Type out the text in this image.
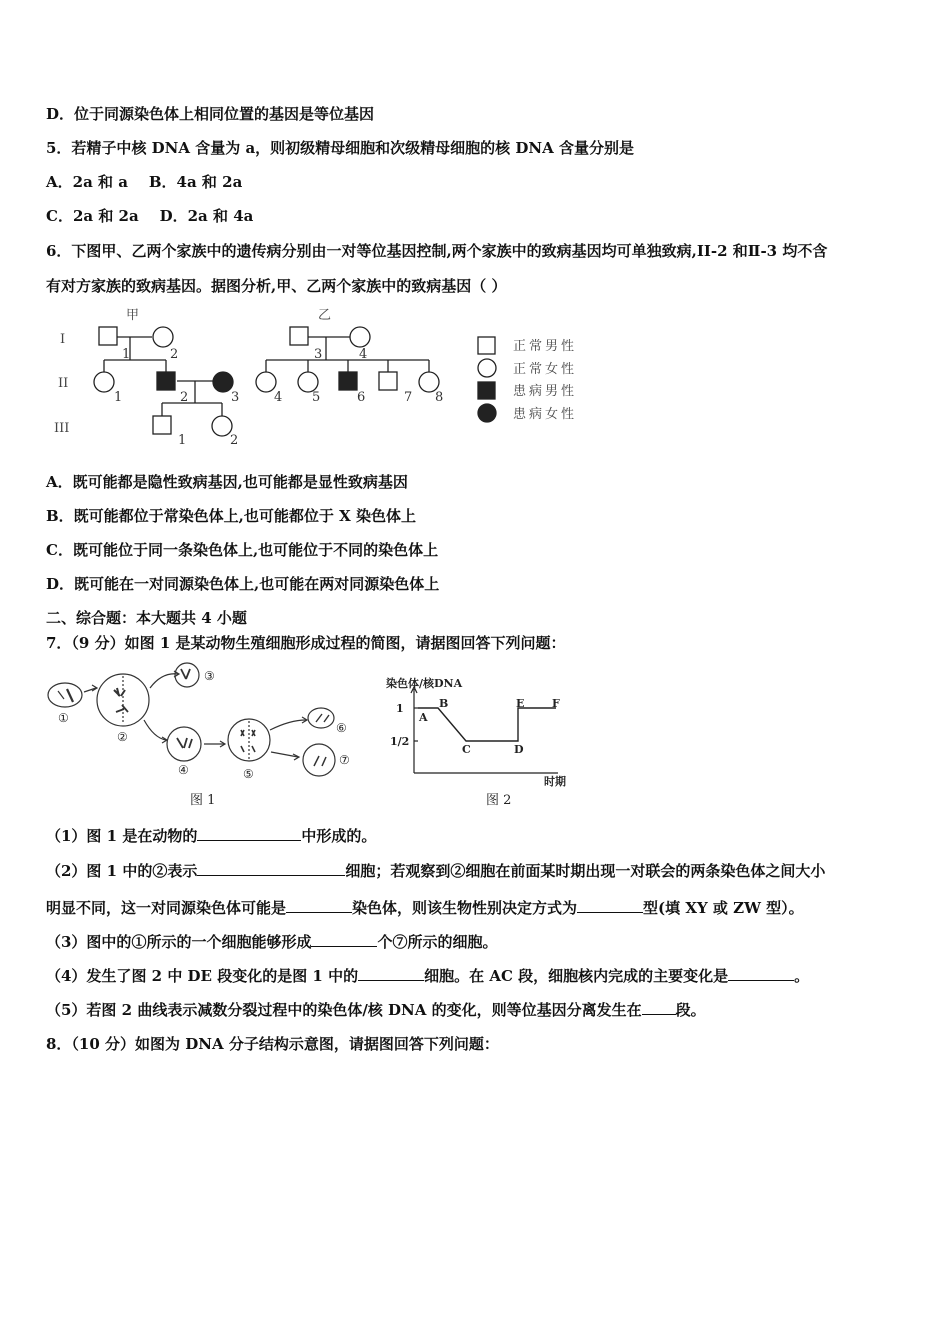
D．位于同源染色体上相同位置的基因是等位基因
5．若精子中核 DNA 含量为 a，则初级精母细胞和次级精母细胞的核 DNA 含量分别是
A．2a 和 a    B．4a 和 2a
C．2a 和 2a    D．2a 和 4a
6．下图甲、乙两个家族中的遗传病分别由一对等位基因控制,两个家族中的致病基因均可单独致病,II-2 和Ⅱ-3 均不含
有对方家族的致病基因。据图分析,甲、乙两个家族中的致病基因（ ）
甲	乙
I
II
III
1	2	3	4
1	2	3	4 5	6	7 8
1	2
正常男性
正常女性
患病男性
患病女性
A．既可能都是隐性致病基因,也可能都是显性致病基因
B．既可能都位于常染色体上,也可能都位于 X 染色体上
C．既可能位于同一条染色体上,也可能位于不同的染色体上
D．既可能在一对同源染色体上,也可能在两对同源染色体上
二、综合题：本大题共 4 小题
7．（9 分）如图 1 是某动物生殖细胞形成过程的简图，请据图回答下列问题：
①
②
③
④	⑤
⑥
⑦
图 1
染色体/核DNA
1
1/2
A
B
C	D
E	F
时期
图 2
（1）图 1 是在动物的	中形成的。
（2）图 1 中的②表示	细胞；若观察到②细胞在前面某时期出现一对联会的两条染色体之间大小
明显不同，这一对同源染色体可能是	染色体，则该生物性别决定方式为	型(填 XY 或 ZW 型）。
（3）图中的①所示的一个细胞能够形成	个⑦所示的细胞。
（4）发生了图 2 中 DE 段变化的是图 1 中的	细胞。在 AC 段，细胞核内完成的主要变化是	。
（5）若图 2 曲线表示减数分裂过程中的染色体/核 DNA 的变化，则等位基因分离发生在 段。
8．（10 分）如图为 DNA 分子结构示意图，请据图回答下列问题：
